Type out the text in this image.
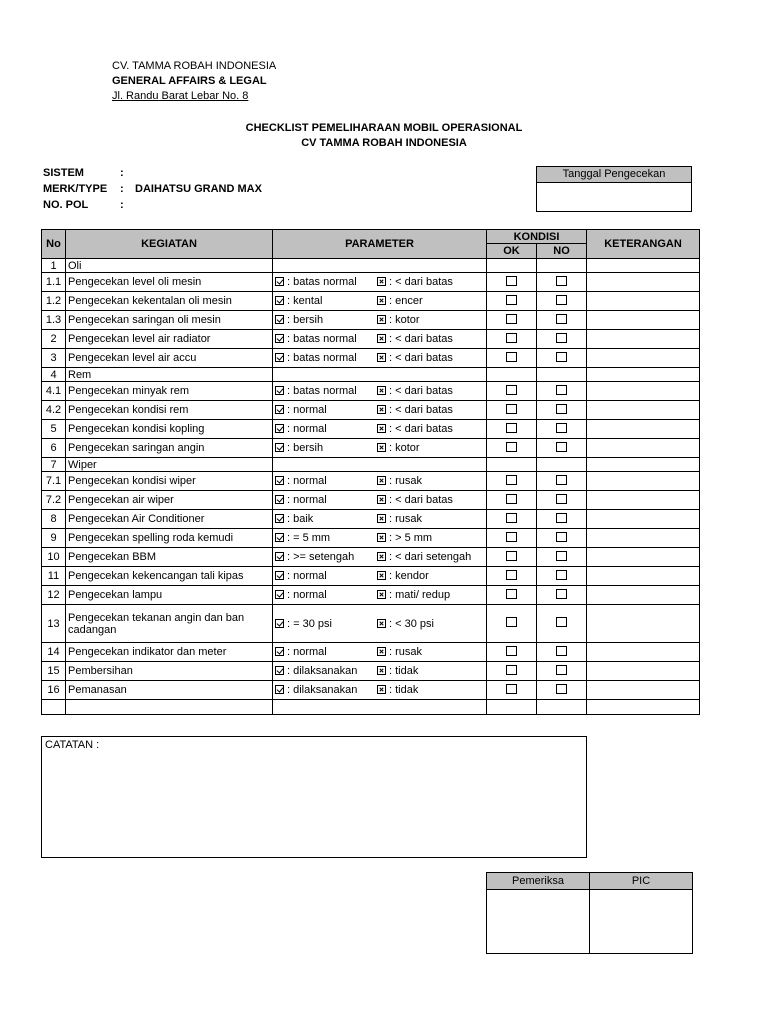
CV. TAMMA ROBAH INDONESIA
GENERAL AFFAIRS & LEGAL
Jl. Randu Barat Lebar No. 8
CHECKLIST PEMELIHARAAN MOBIL OPERASIONAL
CV TAMMA ROBAH INDONESIA
SISTEM	:
MERK/TYPE : DAIHATSU GRAND MAX
NO. POL	:
Tanggal Pengecekan
No	KEGIATAN	PARAMETER	KONDISI		KETERANGAN
			OK	NO	
1	Oli				
1.1	Pengecekan level oli mesin	: batas normal : < dari batas			

1.2	Pengecekan kekentalan oli mesin	: kental : encer			

1.3	Pengecekan saringan oli mesin	: bersih : kotor			

2	Pengecekan level air radiator	: batas normal : < dari batas			

3	Pengecekan level air accu	: batas normal : < dari batas			

4	Rem				
4.1	Pengecekan minyak rem	: batas normal : < dari batas			

4.2	Pengecekan kondisi rem	: normal : < dari batas			

5	Pengecekan kondisi kopling	: normal : < dari batas			

6	Pengecekan saringan angin	: bersih : kotor			

7	Wiper				
7.1	Pengecekan kondisi wiper	: normal : rusak			

7.2	Pengecekan air wiper	: normal : < dari batas			

8	Pengecekan Air Conditioner	: baik : rusak			

9	Pengecekan spelling roda kemudi	: = 5 mm : > 5 mm			

10	Pengecekan BBM	: >= setengah : < dari setengah			

11	Pengecekan kekencangan tali kipas	: normal : kendor			

12	Pengecekan lampu	: normal : mati/ redup			

13	Pengecekan tekanan angin dan ban cadangan	: = 30 psi : < 30 psi			

14	Pengecekan indikator dan meter	: normal : rusak			

15	Pembersihan	: dilaksanakan : tidak			

16	Pemanasan	: dilaksanakan : tidak			

CATATAN :
Pemeriksa	PIC
